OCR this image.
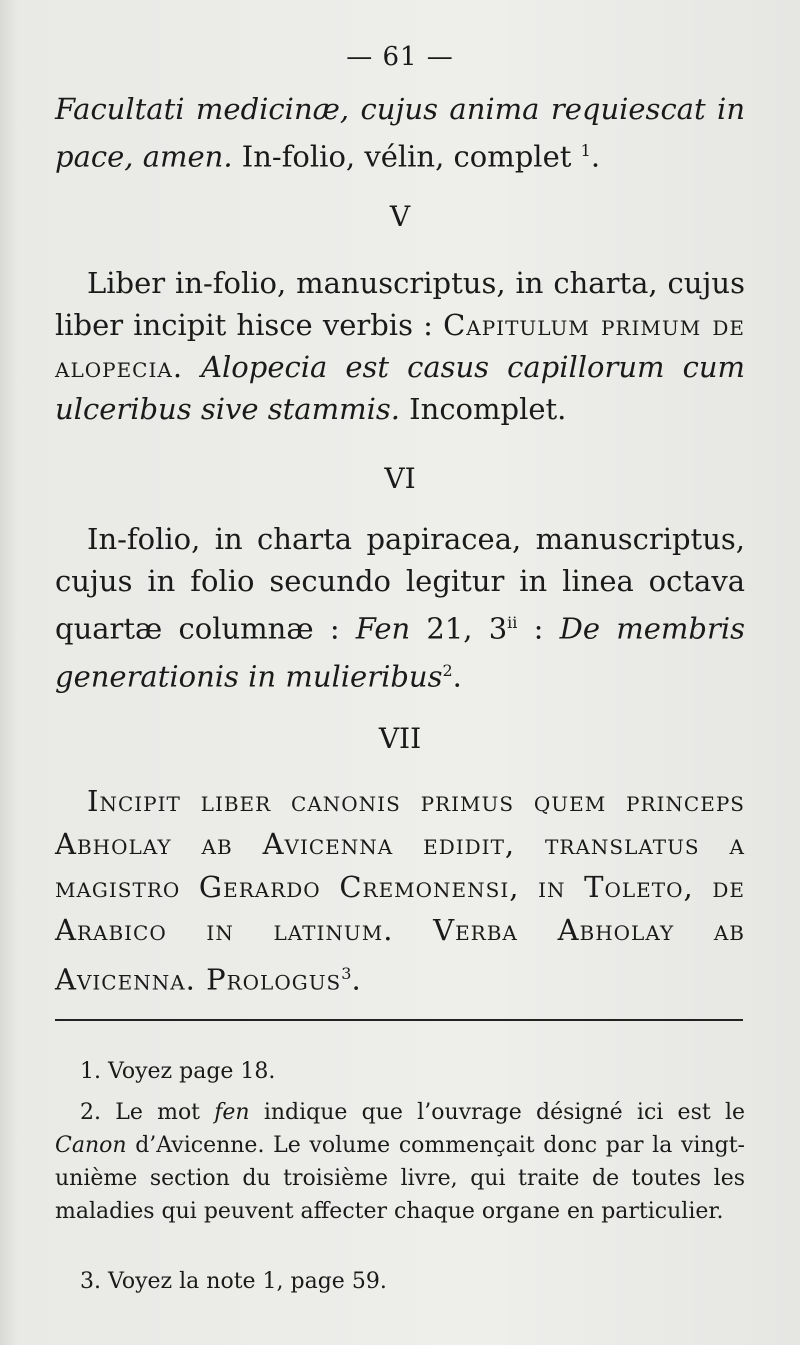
— 61 —
Facultati medicinæ, cujus anima requiescat in pace, amen. In-folio, vélin, complet $^1$.
V
Liber in-folio, manuscriptus, in charta, cujus liber incipit hisce verbis : Capitulum primum de alopecia. Alopecia est casus capillorum cum ulceribus sive stammis. Incomplet.
VI
In-folio, in charta papiracea, manuscriptus, cujus in folio secundo legitur in linea octava quartæ columnæ : Fen 21, 3$^{ii}$ : De membris generationis in mulieribus$^2$.
VII
Incipit liber canonis primus quem princeps Abholay ab Avicenna edidit, translatus a magistro Gerardo Cremonensi, in Toleto, de Arabico in latinum. Verba Abholay ab Avicenna. Prologus$^3$.
1. Voyez page 18.
2. Le mot fen indique que l’ouvrage désigné ici est le Canon d’Avicenne. Le volume commençait donc par la vingt-unième section du troisième livre, qui traite de toutes les maladies qui peuvent affecter chaque organe en particulier.
3. Voyez la note 1, page 59.
